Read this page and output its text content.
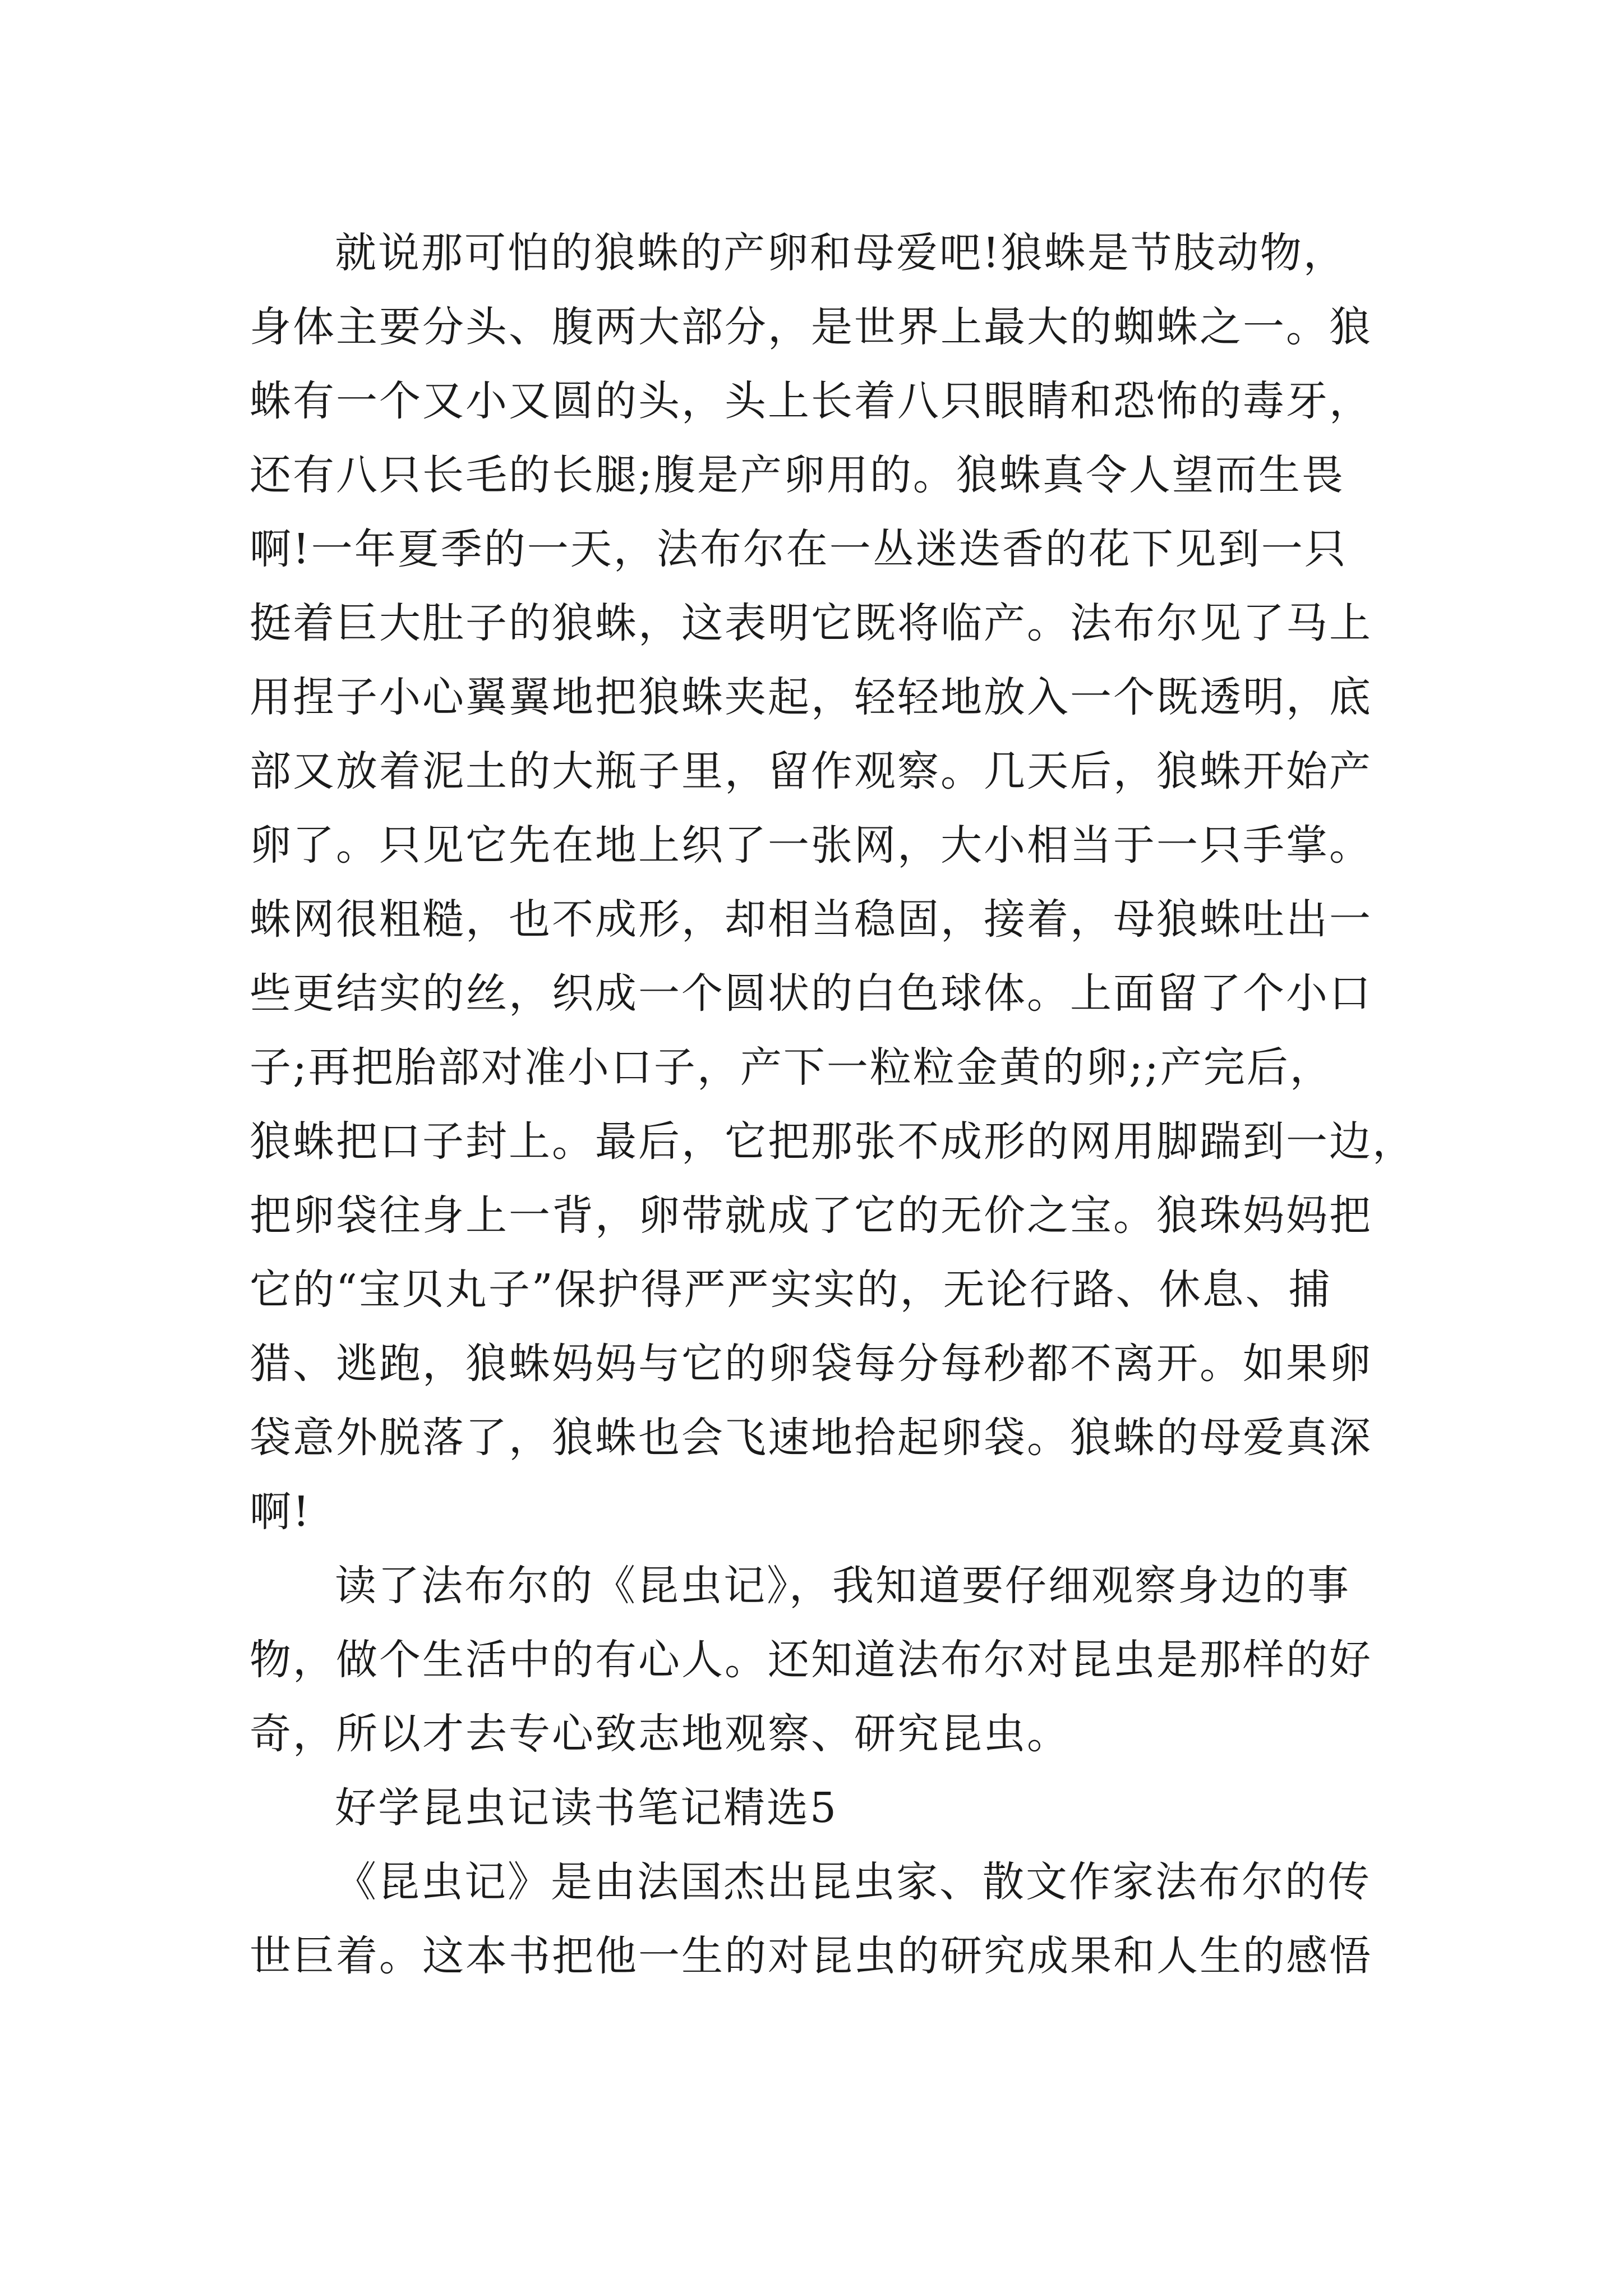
就说那可怕的狼蛛的产卵和母爱吧!狼蛛是节肢动物，
身体主要分头、腹两大部分，是世界上最大的蜘蛛之一。狼
蛛有一个又小又圆的头，头上长着八只眼睛和恐怖的毒牙，
还有八只长毛的长腿;腹是产卵用的。狼蛛真令人望而生畏
啊!一年夏季的一天，法布尔在一丛迷迭香的花下见到一只
挺着巨大肚子的狼蛛，这表明它既将临产。法布尔见了马上
用捏子小心翼翼地把狼蛛夹起，轻轻地放入一个既透明，底
部又放着泥土的大瓶子里，留作观察。几天后，狼蛛开始产
卵了。只见它先在地上织了一张网，大小相当于一只手掌。
蛛网很粗糙，也不成形，却相当稳固，接着，母狼蛛吐出一
些更结实的丝，织成一个圆状的白色球体。上面留了个小口
子;再把胎部对准小口子，产下一粒粒金黄的卵;;产完后，
狼蛛把口子封上。最后，它把那张不成形的网用脚踹到一边，
把卵袋往身上一背，卵带就成了它的无价之宝。狼珠妈妈把
它的“宝贝丸子”保护得严严实实的，无论行路、休息、捕
猎、逃跑，狼蛛妈妈与它的卵袋每分每秒都不离开。如果卵
袋意外脱落了，狼蛛也会飞速地拾起卵袋。狼蛛的母爱真深
啊!
读了法布尔的《昆虫记》，我知道要仔细观察身边的事
物，做个生活中的有心人。还知道法布尔对昆虫是那样的好
奇，所以才去专心致志地观察、研究昆虫。
好学昆虫记读书笔记精选5
《昆虫记》是由法国杰出昆虫家、散文作家法布尔的传
世巨着。这本书把他一生的对昆虫的研究成果和人生的感悟
